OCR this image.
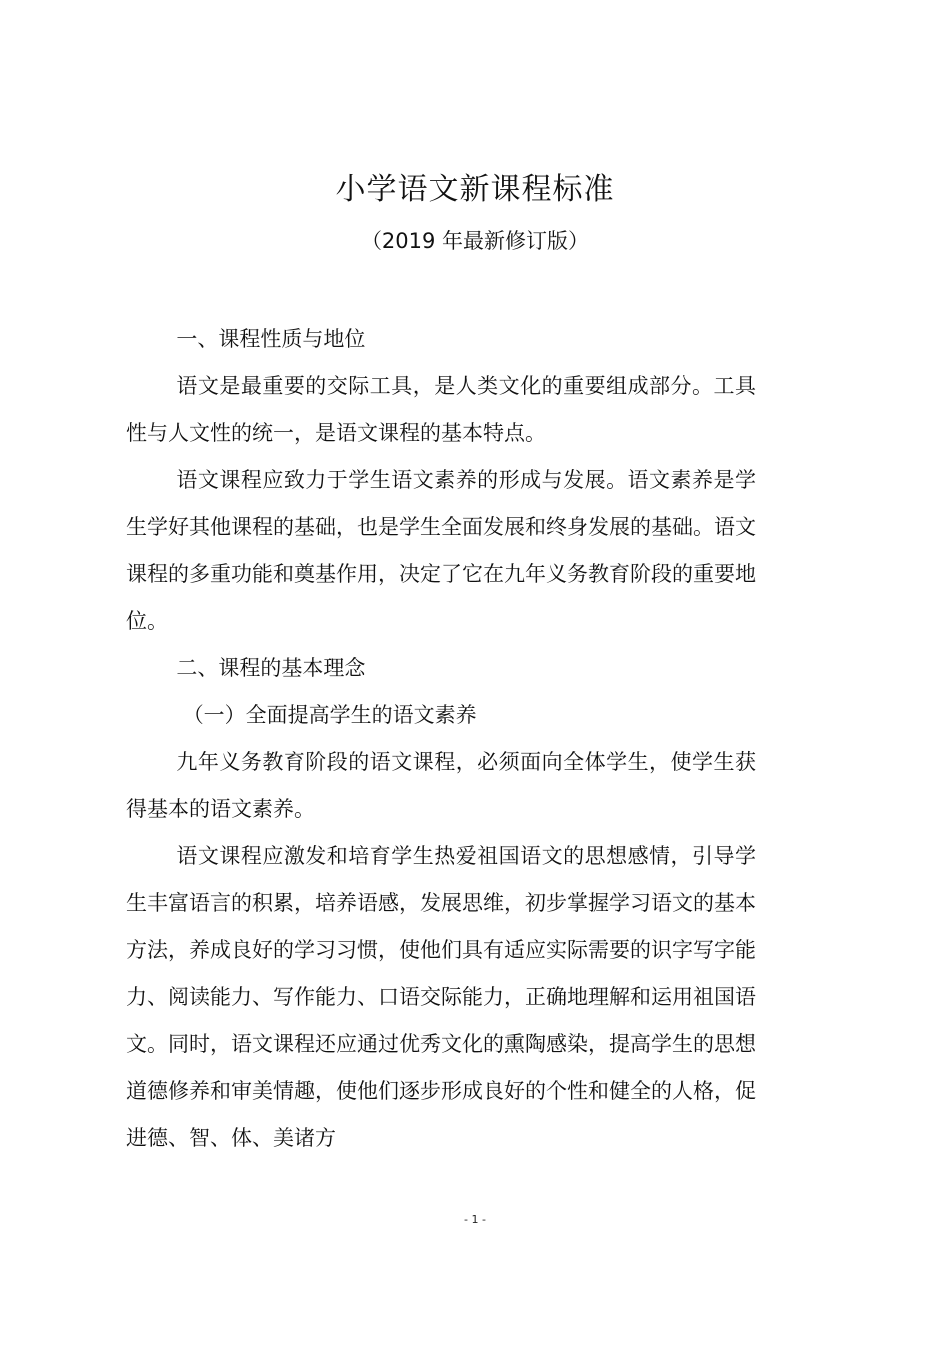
小学语文新课程标准
（2019 年最新修订版）

一、课程性质与地位

语文是最重要的交际工具，是人类文化的重要组成部分。工具性与人文性的统一，是语文课程的基本特点。

语文课程应致力于学生语文素养的形成与发展。语文素养是学生学好其他课程的基础，也是学生全面发展和终身发展的基础。语文课程的多重功能和奠基作用，决定了它在九年义务教育阶段的重要地位。

二、课程的基本理念

（一）全面提高学生的语文素养

九年义务教育阶段的语文课程，必须面向全体学生，使学生获得基本的语文素养。

语文课程应激发和培育学生热爱祖国语文的思想感情，引导学生丰富语言的积累，培养语感，发展思维，初步掌握学习语文的基本方法，养成良好的学习习惯，使他们具有适应实际需要的识字写字能力、阅读能力、写作能力、口语交际能力，正确地理解和运用祖国语文。同时，语文课程还应通过优秀文化的熏陶感染，提高学生的思想道德修养和审美情趣，使他们逐步形成良好的个性和健全的人格，促进德、智、体、美诸方

- 1 -
